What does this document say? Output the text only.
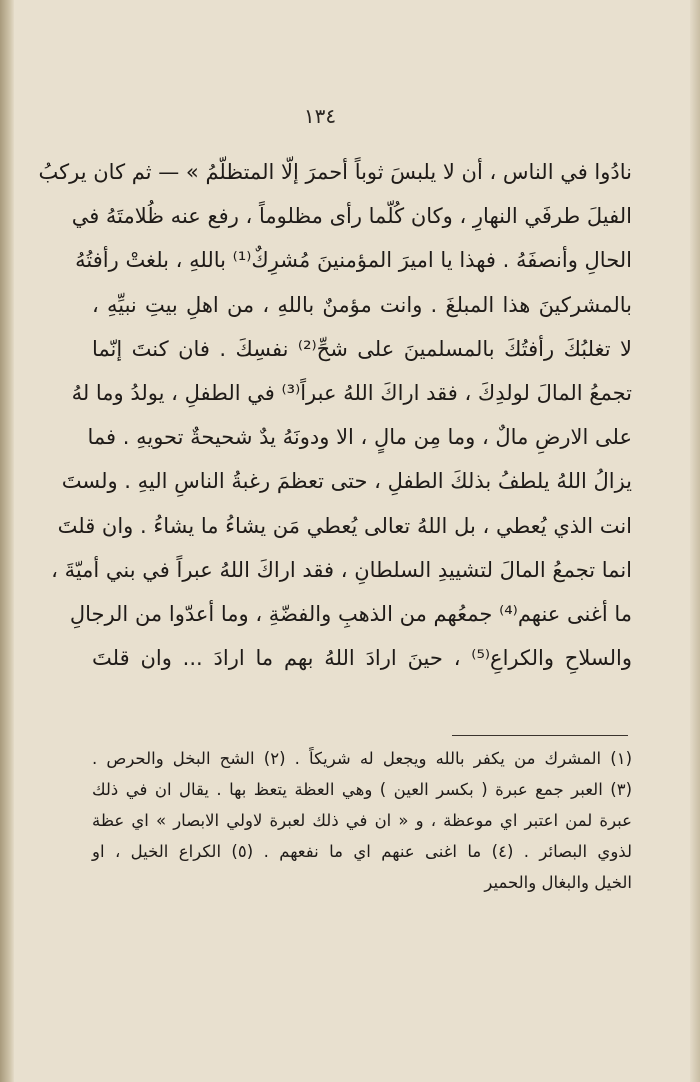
١٣٤
نادُوا في الناس ، أن لا يلبسَ ثوباً أحمرَ إلّا المتظلّمُ » — ثم كان يركبُ
الفيلَ طرفَي النهارِ ، وكان كُلّما رأى مظلوماً ، رفع عنه ظُلامتَهُ في
الحالِ وأنصفَهُ . فهذا يا اميرَ المؤمنينَ مُشرِكٌ⁽¹⁾ باللهِ ، بلغتْ رأفتُهُ
بالمشركينَ هذا المبلغَ . وانت مؤمنٌ باللهِ ، من اهلِ بيتِ نبيِّهِ ،
لا تغلبُكَ رأفتُكَ بالمسلمينَ على شحِّ⁽²⁾ نفسِكَ . فان كنتَ إنّما
تجمعُ المالَ لولدِكَ ، فقد اراكَ اللهُ عبراً⁽³⁾ في الطفلِ ، يولدُ وما لهُ
على الارضِ مالٌ ، وما مِن مالٍ ، الا ودونَهُ يدٌ شحيحةٌ تحويهِ . فما
يزالُ اللهُ يلطفُ بذلكَ الطفلِ ، حتى تعظمَ رغبةُ الناسِ اليهِ . ولستَ
انت الذي يُعطي ، بل اللهُ تعالى يُعطي مَن يشاءُ ما يشاءُ . وان قلتَ
انما تجمعُ المالَ لتشييدِ السلطانِ ، فقد اراكَ اللهُ عبراً في بني أميّةَ ،
ما أغنى عنهم⁽⁴⁾ جمعُهم من الذهبِ والفضّةِ ، وما أعدّوا من الرجالِ
والسلاحِ والكراعِ⁽⁵⁾ ، حينَ ارادَ اللهُ بهم ما ارادَ ... وان قلتَ
(١) المشرك من يكفر بالله ويجعل له شريكاً . (٢) الشح البخل والحرص .
(٣) العبر جمع عبرة ( بكسر العين ) وهي العظة يتعظ بها . يقال ان في ذلك
عبرة لمن اعتبر اي موعظة ، و « ان في ذلك لعبرة لاولي الابصار » اي عظة
لذوي البصائر . (٤) ما اغنى عنهم اي ما نفعهم . (٥) الكراع الخيل ، او
الخيل والبغال والحمير
